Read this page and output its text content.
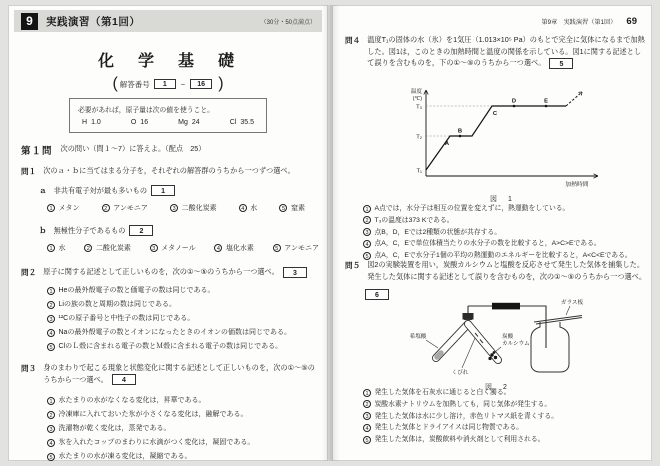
9	実践演習（第1回）	（30分・50点満点）
化　学　基　礎
( 解答番号	1	~	16 )
必要があれば，原子量は次の値を使うこと。
H 1.0	O 16	Mg 24	Cl 35.5
第１問 次の問い（問１～7）に答えよ。（配点　25）
問１ 次のａ・ｂに当てはまる分子を，それぞれの解答群のうちから一つずつ選べ。
ａ 非共有電子対が最も多いもの	1
1 メタン	2 アンモニア	3 二酸化炭素	4 水	5 窒素
ｂ 無極性分子であるもの	2
1 水	2 二酸化炭素	3 メタノール	4 塩化水素	5 アンモニア
問２ 原子に関する記述として正しいものを，次の①～⑤のうちから一つ選べ。 3
1 Heの最外殻電子の数と価電子の数は同じである。
2 Liの族の数と周期の数は同じである。
3 ¹²Cの原子番号と中性子の数は同じである。
4 Naの最外殻電子の数とイオンになったときのイオンの価数は同じである。
5 ClのＬ殻に含まれる電子の数とＭ殻に含まれる電子の数は同じである。
問３ 身のまわりで起こる現象と状態変化に関する記述として正しいものを，次の①～⑤のうちから一つ選べ。 4
1 水たまりの水がなくなる変化は，昇華である。
2 冷凍庫に入れておいた氷が小さくなる変化は，融解である。
3 洗濯物が乾く変化は，蒸発である。
4 氷を入れたコップのまわりに水滴がつく変化は，凝固である。
5 水たまりの水が凍る変化は，凝縮である。
第9章　実践演習（第1回） 69
問４ 温度T₁の固体の水（氷）を1気圧（1.013×10⁵ Pa）のもとで完全に気体になるまで加熱した。図1は，このときの加熱時間と温度の関係を示している。図1に関する記述として誤りを含むものを，下の①～⑤のうちから一つ選べ。 5
温度
(℃)
加熱時間
T₃
T₂
T₁
A
B
C
D	E
図　1
1 A点では，水分子は相互の位置を変えずに，熱運動をしている。
2 T₃の温度は373 Kである。
3 点B，D，Eでは2種類の状態が共存する。
4 点A，C，Eで単位体積当たりの水分子の数を比較すると，A>C>Eである。
5 点A，C，Eで水分子1個の平均の熱運動のエネルギーを比較すると，A<C<Eである。
問５ 図2の実験装置を用い，炭酸カルシウムと塩酸を反応させて発生した気体を捕集した。発生した気体に関する記述として誤りを含むものを，次の①～⑤のうちから一つ選べ。
6
希塩酸	炭酸
カルシウム
くびれ
ガラス板
図　2
1 発生した気体を石灰水に通じると白く濁る。
2 炭酸水素ナトリウムを加熱しても，同じ気体が発生する。
3 発生した気体は水に少し溶け，赤色リトマス紙を青くする。
4 発生した気体とドライアイスは同じ物質である。
5 発生した気体は，炭酸飲料や消火剤として利用される。
